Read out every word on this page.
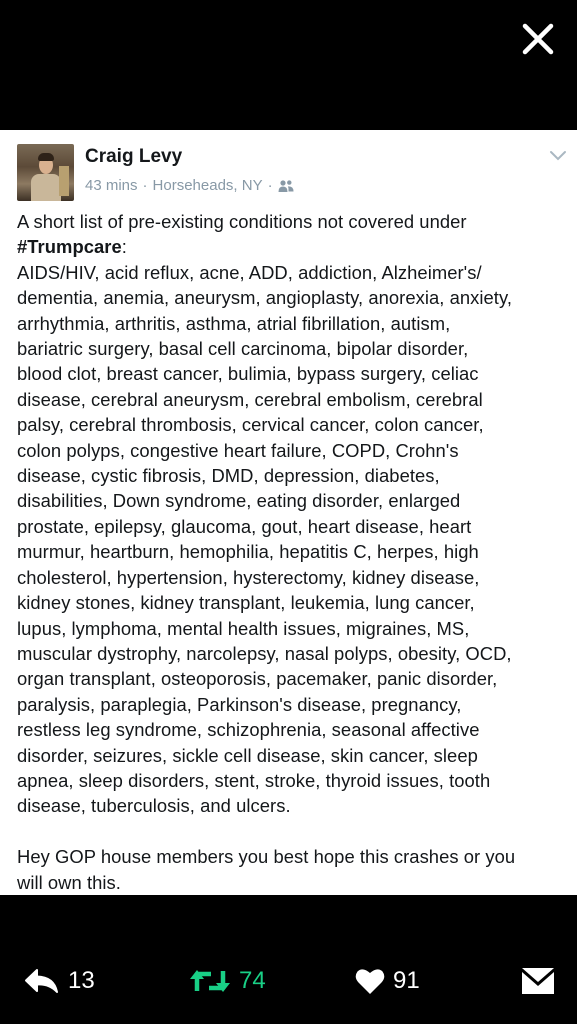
Craig Levy
43 mins · Horseheads, NY ·

A short list of pre-existing conditions not covered under
#Trumpcare:
AIDS/HIV, acid reflux, acne, ADD, addiction, Alzheimer's/
dementia, anemia, aneurysm, angioplasty, anorexia, anxiety,
arrhythmia, arthritis, asthma, atrial fibrillation, autism,
bariatric surgery, basal cell carcinoma, bipolar disorder,
blood clot, breast cancer, bulimia, bypass surgery, celiac
disease, cerebral aneurysm, cerebral embolism, cerebral
palsy, cerebral thrombosis, cervical cancer, colon cancer,
colon polyps, congestive heart failure, COPD, Crohn's
disease, cystic fibrosis, DMD, depression, diabetes,
disabilities, Down syndrome, eating disorder, enlarged
prostate, epilepsy, glaucoma, gout, heart disease, heart
murmur, heartburn, hemophilia, hepatitis C, herpes, high
cholesterol, hypertension, hysterectomy, kidney disease,
kidney stones, kidney transplant, leukemia, lung cancer,
lupus, lymphoma, mental health issues, migraines, MS,
muscular dystrophy, narcolepsy, nasal polyps, obesity, OCD,
organ transplant, osteoporosis, pacemaker, panic disorder,
paralysis, paraplegia, Parkinson's disease, pregnancy,
restless leg syndrome, schizophrenia, seasonal affective
disorder, seizures, sickle cell disease, skin cancer, sleep
apnea, sleep disorders, stent, stroke, thyroid issues, tooth
disease, tuberculosis, and ulcers.

Hey GOP house members you best hope this crashes or you
will own this.

13	74	91
